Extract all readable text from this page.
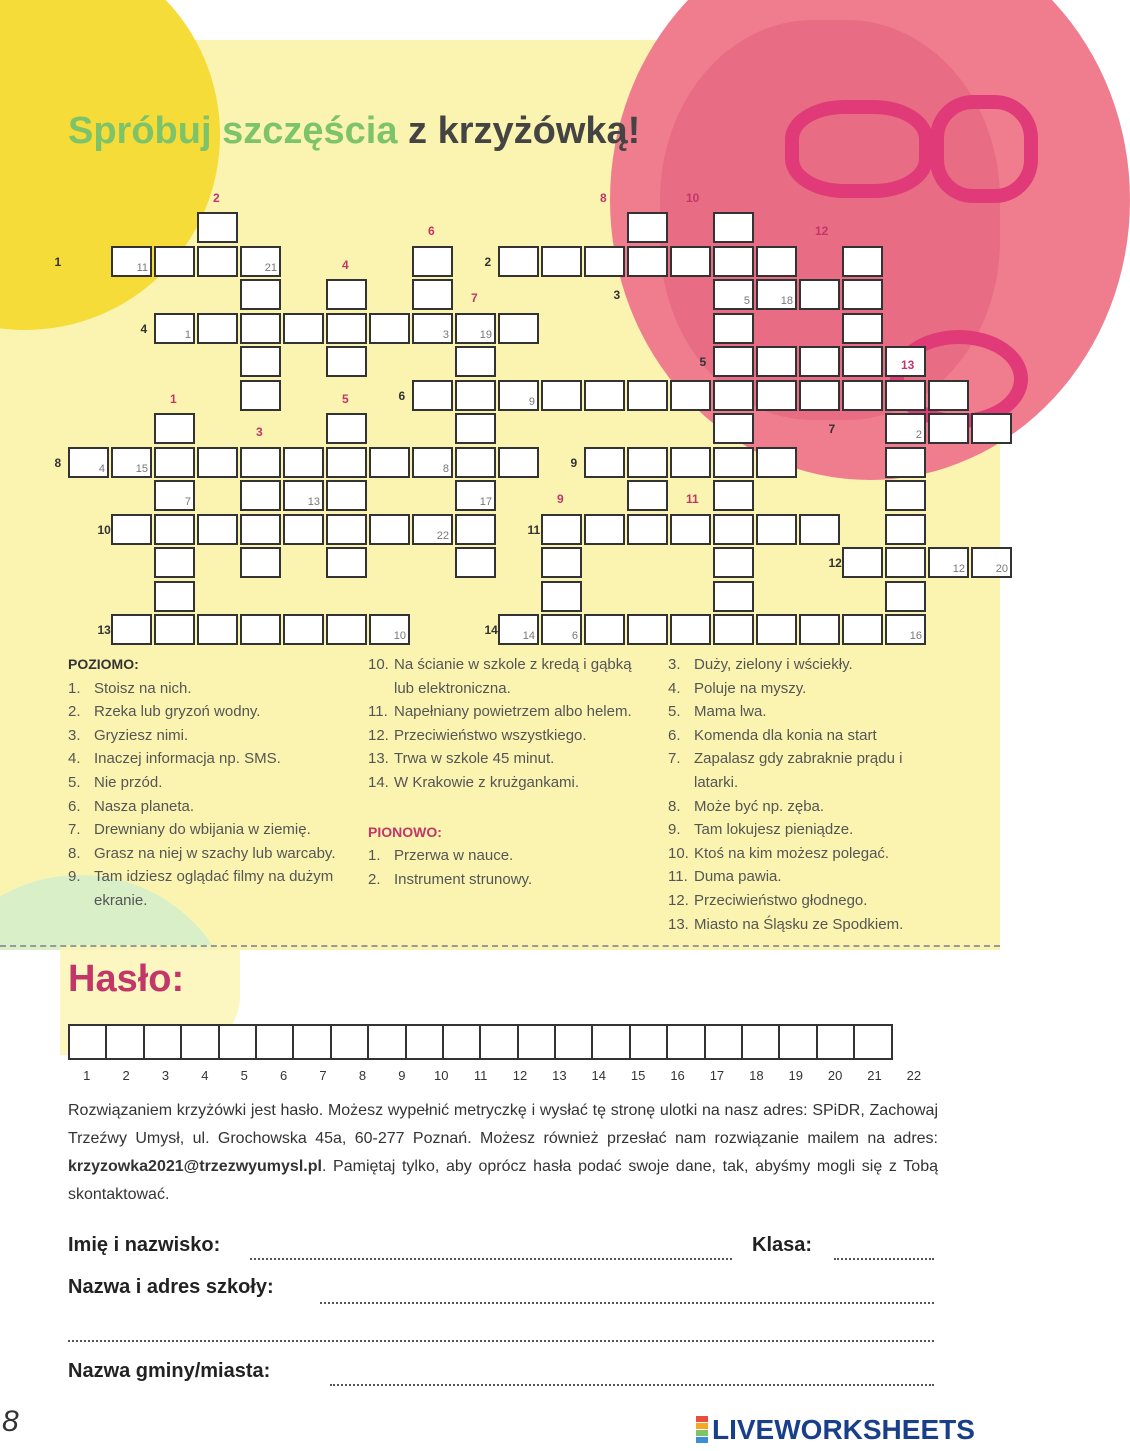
Spróbuj szczęścia z krzyżówką!
11	21
5	18
1	3	19
9
2
4	15	8
7	13	17
22
12	20
10	14	6	16
2	8	10
6	12
1	4	2
7	3
4
5	13
1	5	6
3	7
8	9
9	11
10	11
12
13	14
POZIOMO:
1. Stoisz na nich.
2. Rzeka lub gryzoń wodny.
3. Gryziesz nimi.
4. Inaczej informacja np. SMS.
5. Nie przód.
6. Nasza planeta.
7. Drewniany do wbijania w ziemię.
8. Grasz na niej w szachy lub warcaby.
9. Tam idziesz oglądać filmy na dużym ekranie.
10. Na ścianie w szkole z kredą i gąbką lub elektroniczna.
11. Napełniany powietrzem albo helem.
12. Przeciwieństwo wszystkiego.
13. Trwa w szkole 45 minut.
14. W Krakowie z krużgankami.
PIONOWO:
1. Przerwa w nauce.
2. Instrument strunowy.
3. Duży, zielony i wściekły.
4. Poluje na myszy.
5. Mama lwa.
6. Komenda dla konia na start
7. Zapalasz gdy zabraknie prądu i latarki.
8. Może być np. zęba.
9. Tam lokujesz pieniądze.
10. Ktoś na kim możesz polegać.
11. Duma pawia.
12. Przeciwieństwo głodnego.
13. Miasto na Śląsku ze Spodkiem.
Hasło:
1	2	3	4	5	6	7	8	9	10	11	12	13	14	15	16	17	18	19	20	21	22
Rozwiązaniem krzyżówki jest hasło. Możesz wypełnić metryczkę i wysłać tę stronę ulotki na nasz adres: SPiDR, Zachowaj Trzeźwy Umysł, ul. Grochowska 45a, 60-277 Poznań. Możesz również przesłać nam rozwiązanie mailem na adres: krzyzowka2021@trzezwyumysl.pl. Pamiętaj tylko, aby oprócz hasła podać swoje dane, tak, abyśmy mogli się z Tobą skontaktować.
Imię i nazwisko:	Klasa:
Nazwa i adres szkoły:
Nazwa gminy/miasta:
8	LIVEWORKSHEETS
